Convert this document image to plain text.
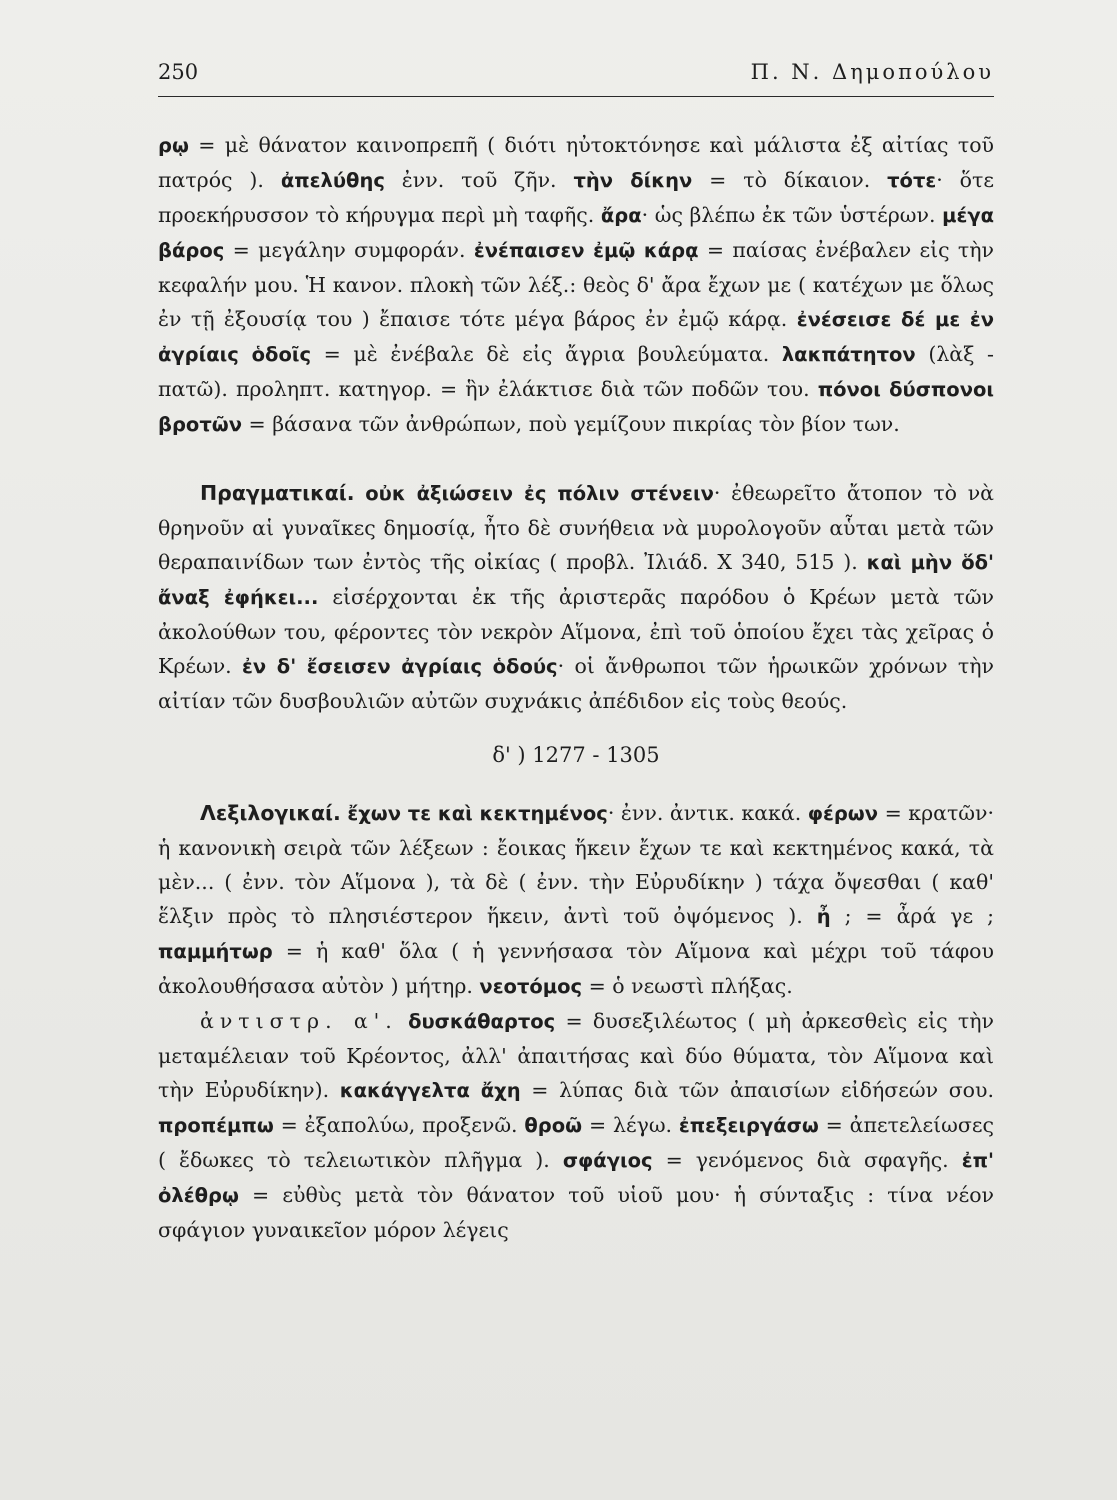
250	Π. Ν. Δημοπούλου

ρῳ = μὲ θάνατον καινοπρεπῆ ( διότι ηὐτοκτόνησε καὶ μάλιστα ἐξ αἰτίας τοῦ πατρός ). ἀπελύθης ἐνν. τοῦ ζῆν. τὴν δίκην = τὸ δίκαιον. τότε· ὅτε προεκήρυσσον τὸ κήρυγμα περὶ μὴ ταφῆς. ἄρα· ὡς βλέπω ἐκ τῶν ὑστέρων. μέγα βάρος = μεγάλην συμφοράν. ἐνέπαισεν ἐμῷ κάρᾳ = παίσας ἐνέβαλεν εἰς τὴν κεφαλήν μου. Ἡ κανον. πλοκὴ τῶν λέξ.: θεὸς δ' ἄρα ἔχων με ( κατέχων με ὅλως ἐν τῇ ἐξουσίᾳ του ) ἔπαισε τότε μέγα βάρος ἐν ἐμῷ κάρᾳ. ἐνέσεισε δέ με ἐν ἀγρίαις ὁδοῖς = μὲ ἐνέβαλε δὲ εἰς ἄγρια βουλεύματα. λακπάτητον (λὰξ - πατῶ). προληπτ. κατηγορ. = ἣν ἐλάκτισε διὰ τῶν ποδῶν του. πόνοι δύσπονοι βροτῶν = βάσανα τῶν ἀνθρώπων, ποὺ γεμίζουν πικρίας τὸν βίον των.

Πραγματικαί. οὐκ ἀξιώσειν ἐς πόλιν στένειν· ἐθεωρεῖτο ἄτοπον τὸ νὰ θρηνοῦν αἱ γυναῖκες δημοσίᾳ, ἦτο δὲ συνήθεια νὰ μυρολογοῦν αὗται μετὰ τῶν θεραπαινίδων των ἐντὸς τῆς οἰκίας ( προβλ. Ἰλιάδ. Χ 340, 515 ). καὶ μὴν ὅδ' ἄναξ ἐφήκει... εἰσέρχονται ἐκ τῆς ἀριστερᾶς παρόδου ὁ Κρέων μετὰ τῶν ἀκολούθων του, φέροντες τὸν νεκρὸν Αἵμονα, ἐπὶ τοῦ ὁποίου ἔχει τὰς χεῖρας ὁ Κρέων. ἐν δ' ἔσεισεν ἀγρίαις ὁδούς· οἱ ἄνθρωποι τῶν ἡρωικῶν χρόνων τὴν αἰτίαν τῶν δυσβουλιῶν αὐτῶν συχνάκις ἀπέδιδον εἰς τοὺς θεούς.

δ' ) 1277 - 1305

Λεξιλογικαί. ἔχων τε καὶ κεκτημένος· ἐνν. ἀντικ. κακά. φέρων = κρατῶν· ἡ κανονικὴ σειρὰ τῶν λέξεων : ἔοικας ἥκειν ἔχων τε καὶ κεκτημένος κακά, τὰ μὲν... ( ἐνν. τὸν Αἵμονα ), τὰ δὲ ( ἐνν. τὴν Εὐρυδίκην ) τάχα ὄψεσθαι ( καθ' ἕλξιν πρὸς τὸ πλησιέστερον ἥκειν, ἀντὶ τοῦ ὀψόμενος ). ἦ ; = ἆρά γε ; παμμήτωρ = ἡ καθ' ὅλα ( ἡ γεννήσασα τὸν Αἵμονα καὶ μέχρι τοῦ τάφου ἀκολουθήσασα αὐτὸν ) μήτηρ. νεοτόμος = ὁ νεωστὶ πλήξας.

ἀντιστρ. α'. δυσκάθαρτος = δυσεξιλέωτος ( μὴ ἀρκεσθεὶς εἰς τὴν μεταμέλειαν τοῦ Κρέοντος, ἀλλ' ἀπαιτήσας καὶ δύο θύματα, τὸν Αἵμονα καὶ τὴν Εὐρυδίκην). κακάγγελτα ἄχη = λύπας διὰ τῶν ἀπαισίων εἰδήσεών σου. προπέμπω = ἐξαπολύω, προξενῶ. θροῶ = λέγω. ἐπεξειργάσω = ἀπετελείωσες ( ἔδωκες τὸ τελειωτικὸν πλῆγμα ). σφάγιος = γενόμενος διὰ σφαγῆς. ἐπ' ὀλέθρῳ = εὐθὺς μετὰ τὸν θάνατον τοῦ υἱοῦ μου· ἡ σύνταξις : τίνα νέον σφάγιον γυναικεῖον μόρον λέγεις
